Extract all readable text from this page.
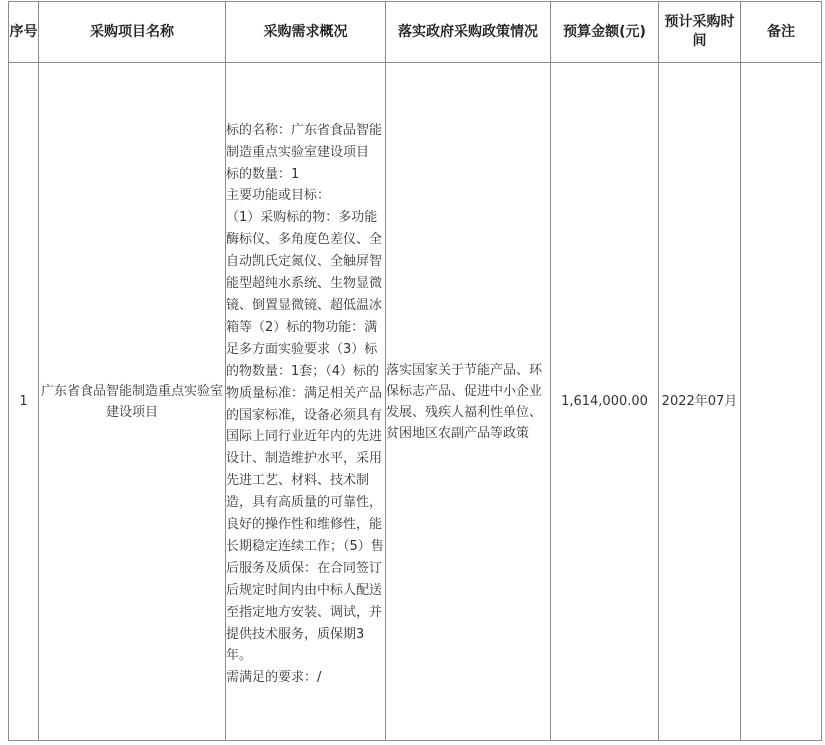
序号	采购项目名称	采购需求概况	落实政府采购政策情况	预算金额(元)	预计采购时间	备注
1	广东省食品智能制造重点实验室建设项目	标的名称：广东省食品智能制造重点实验室建设项目
标的数量：1
主要功能或目标：
（1）采购标的物：多功能酶标仪、多角度色差仪、全自动凯氏定氮仪、全触屏智能型超纯水系统、生物显微镜、倒置显微镜、超低温冰箱等（2）标的物功能：满足多方面实验要求（3）标的物数量：1套；（4）标的物质量标准：满足相关产品的国家标准，设备必须具有国际上同行业近年内的先进设计、制造维护水平，采用先进工艺、材料、技术制造，具有高质量的可靠性，良好的操作性和维修性，能长期稳定连续工作；（5）售后服务及质保：在合同签订后规定时间内由中标人配送至指定地方安装、调试，并提供技术服务，质保期3年。
需满足的要求：/	落实国家关于节能产品、环保标志产品、促进中小企业发展、残疾人福利性单位、贫困地区农副产品等政策	1,614,000.00	2022年07月	
